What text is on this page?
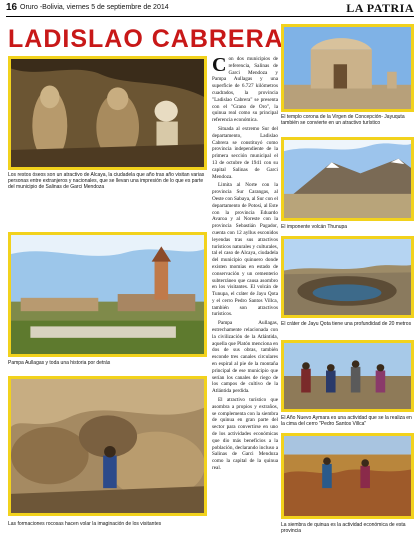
16 Oruro -Bolivia, viernes 5 de septiembre de 2014	LA PATRIA
LADISLAO CABRERA
Los restos óseos son un atractivo de Alcaya, la ciudadela que año tras año visitan varias personas entre extranjeros y nacionales, que se llevan una impresión de lo que es parte del municipio de Salinas de Garci Mendoza
Pampa Aullagas y toda una historia por detrás
Las formaciones rocosas hacen volar la imaginación de los visitantes

Con dos municipios de referencia, Salinas de Garci Mendoza y Pampa Aullagas y una superficie de 6.727 kilómetros cuadrados, la provincia "Ladislao Cabrera" se presenta con el "Grano de Oro", la quinua real como su principal referencia económica.

Situada al extremo Sur del departamento, Ladislao Cabrera se constituyó como provincia independiente de la primera sección municipal el 13 de octubre de 1941 con su capital Salinas de Garci Mendoza.

Limita al Norte con la provincia Sur Carangas, al Oeste con Sabaya, al Sur con el departamento de Potosí, al Este con la provincia Eduardo Avaroa y al Noreste con la provincia Sebastián Pagador, cuenta con 12 ayllus esconidos leyendas tras sus atractivos turísticos naturales y culturales, tal el caso de Alcaya, ciudadela del municipio quinuero donde existen momias en estado de conservación y un cementerio subterráneo que causa asombro en los visitantes. El volcán de Tunupa, el cráter de Jayu Qota y el cerro Pedro Santos Villca, también son atractivos turísticos.

Pampa Aullagas, estrechamente relacionada con la civilización de la Atlántida, aquella que Platón menciona en dos de sus obras, también esconde tres canales circulares en espiral al pie de la montaña principal de ese municipio que serían los canales de riego de los campos de cultivo de la Atlántida perdida.

El atractivo turístico que asombra a propios y extraños, se complementa con la siembra de quinua en gran parte del sector para convertirse en uno de los actividades económicas que dio más beneficios a la población, declarando incluso a Salinas de Garci Mendoza como la capital de la quinua real.

El templo corona de la Virgen de Concepción- Jayuquta también se convierte en un atractivo turístico
El imponente volcán Thunupa
El cráter de Jayu Qota tiene una profundidad de 20 metros
El Año Nuevo Aymara es una actividad que se la realiza en la cima del cerro "Pedro Santos Villca"
La siembra de quinua es la actividad económica de esta provincia
